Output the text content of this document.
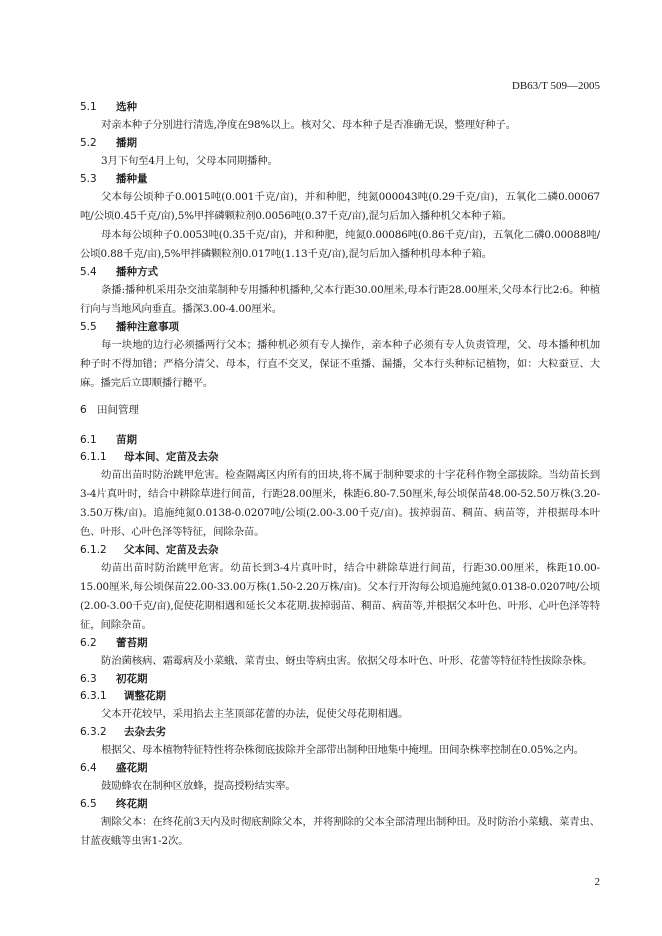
DB63/T 509—2005
5.1 选种

对亲本种子分别进行清选,净度在98%以上。核对父、母本种子是否准确无误，整理好种子。

5.2 播期

3月下旬至4月上旬，父母本同期播种。

5.3 播种量

父本每公顷种子0.0015吨(0.001千克/亩)，并和种肥，纯氮000043吨(0.29千克/亩)，五氧化二磷0.00067吨/公顷0.45千克/亩),5%甲拌磷颗粒剂0.0056吨(0.37千克/亩),混匀后加入播种机父本种子箱。

母本每公顷种子0.0053吨(0.35千克/亩)，并和种肥，纯氮0.00086吨(0.86千克/亩)，五氧化二磷0.00088吨/公顷0.88千克/亩),5%甲拌磷颗粒剂0.017吨(1.13千克/亩),混匀后加入播种机母本种子箱。

5.4 播种方式

条播:播种机采用杂交油菜制种专用播种机播种,父本行距30.00厘米,母本行距28.00厘米,父母本行比2:6。种植行向与当地风向垂直。播深3.00-4.00厘米。

5.5 播种注意事项

每一块地的边行必须播两行父本；播种机必须有专人操作，亲本种子必须有专人负责管理，父、母本播种机加种子时不得加错；严格分清父、母本，行直不交叉，保证不重播、漏播，父本行头种标记植物，如：大粒蚕豆、大麻。播完后立即顺播行耱平。

6 田间管理
6.1 苗期
6.1.1 母本间、定苗及去杂

幼苗出苗时防治跳甲危害。检查隔离区内所有的田块,将不属于制种要求的十字花科作物全部拔除。当幼苗长到3-4片真叶时，结合中耕除草进行间苗，行距28.00厘米，株距6.80-7.50厘米,每公顷保苗48.00-52.50万株(3.20-3.50万株/亩)。追施纯氮0.0138-0.0207吨/公顷(2.00-3.00千克/亩)。拔掉弱苗、稠苗、病苗等，并根据母本叶色、叶形、心叶色泽等特征，间除杂苗。

6.1.2 父本间、定苗及去杂

幼苗出苗时防治跳甲危害。幼苗长到3-4片真叶时，结合中耕除草进行间苗，行距30.00厘米，株距10.00-15.00厘米,每公顷保苗22.00-33.00万株(1.50-2.20万株/亩)。父本行开沟每公顷追施纯氮0.0138-0.0207吨/公顷(2.00-3.00千克/亩),促使花期相遇和延长父本花期.拔掉弱苗、稠苗、病苗等,并根据父本叶色、叶形、心叶色泽等特征，间除杂苗。

6.2 蕾苔期

防治菌核病、霜霉病及小菜蛾、菜青虫、蚜虫等病虫害。依据父母本叶色、叶形、花蕾等特征特性拔除杂株。

6.3 初花期
6.3.1 调整花期

父本开花较早，采用掐去主茎顶部花蕾的办法，促使父母花期相遇。

6.3.2 去杂去劣

根据父、母本植物特征特性将杂株彻底拔除并全部带出制种田地集中掩埋。田间杂株率控制在0.05%之内。

6.4 盛花期

鼓励蜂农在制种区放蜂，提高授粉结实率。

6.5 终花期

割除父本：在终花前3天内及时彻底割除父本，并将割除的父本全部清理出制种田。及时防治小菜蛾、菜青虫、甘蓝夜蛾等虫害1-2次。

2
